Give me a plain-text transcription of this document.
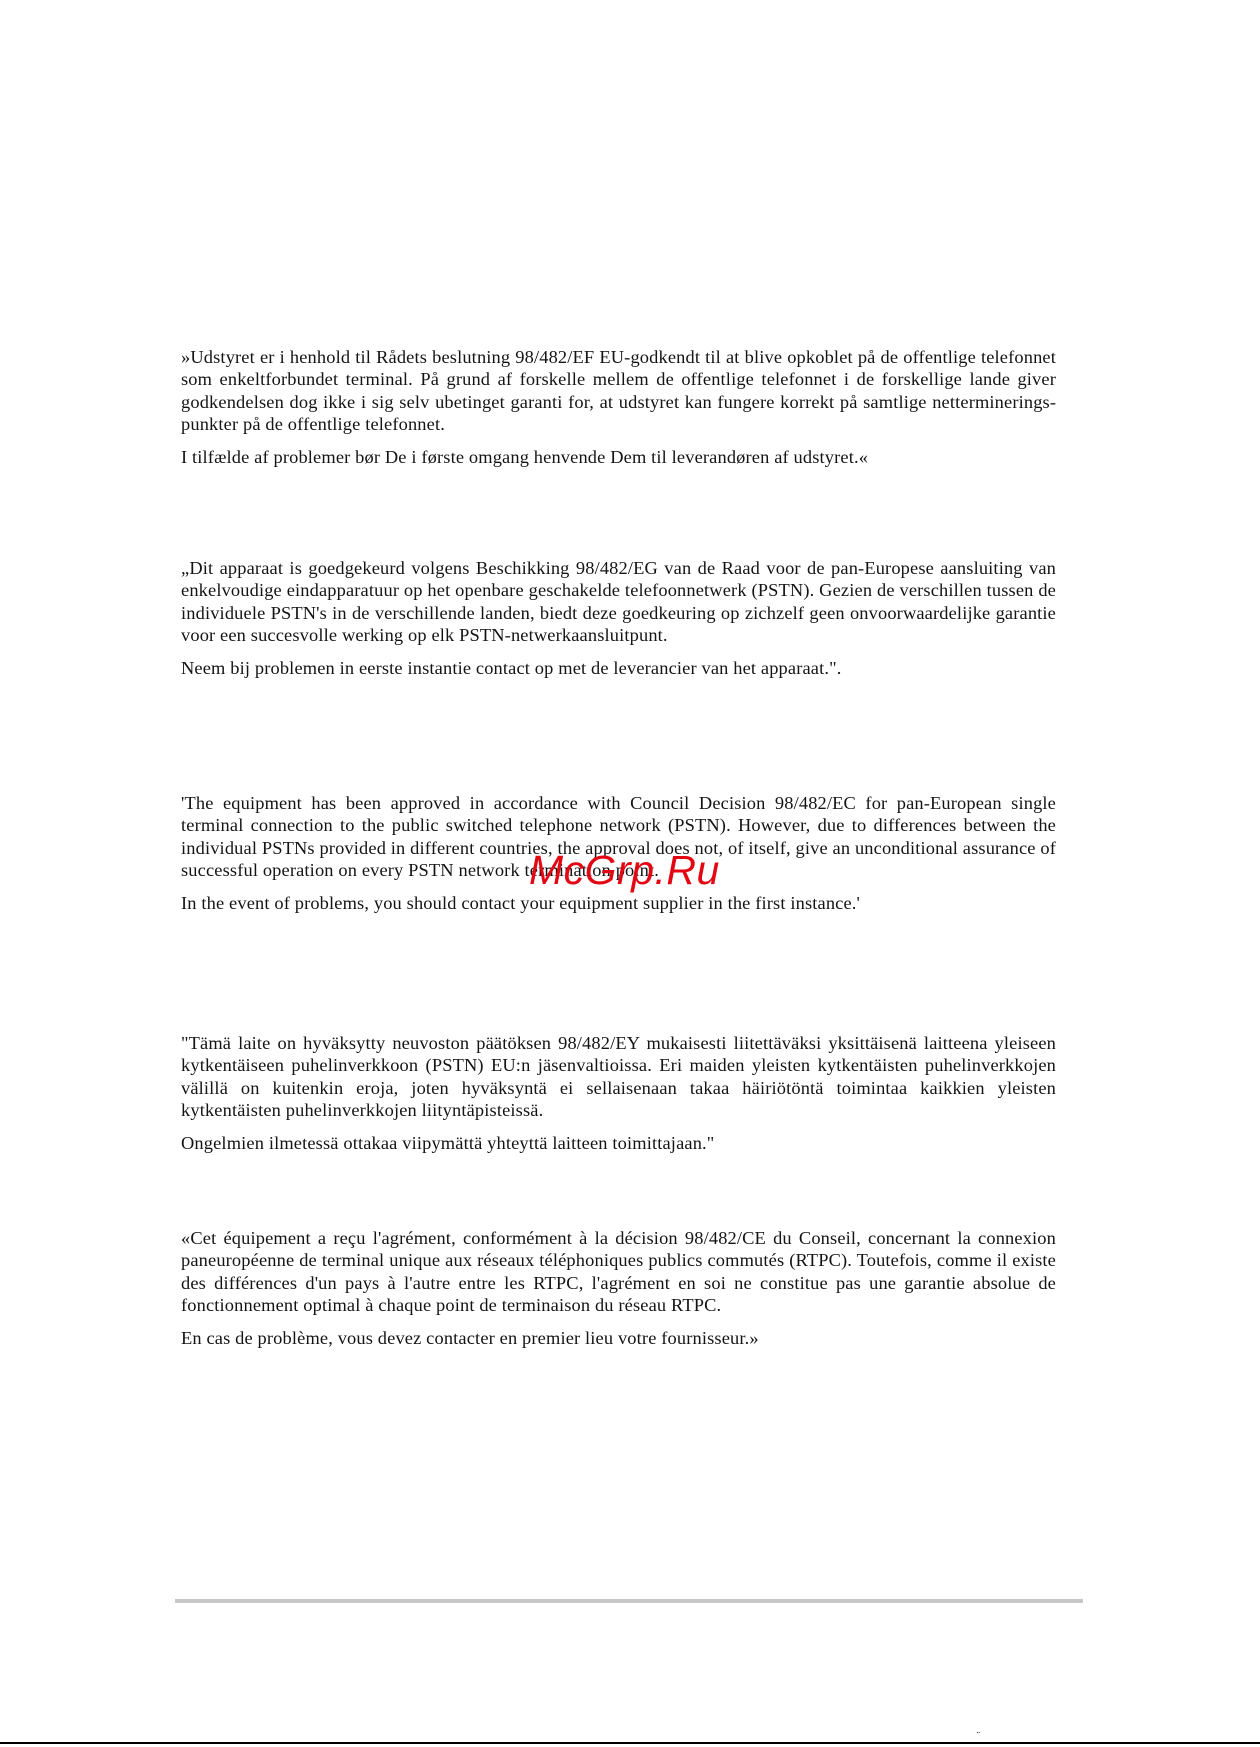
»Udstyret er i henhold til Rådets beslutning 98/482/EF EU-godkendt til at blive opkoblet på de offentlige telefonnet som enkeltforbundet terminal. På grund af forskelle mellem de offentlige telefonnet i de forskellige lande giver godkendelsen dog ikke i sig selv ubetinget garanti for, at udstyret kan fungere korrekt på samtlige nettermineringspunkter på de offentlige telefonnet.

I tilfælde af problemer bør De i første omgang henvende Dem til leverandøren af udstyret.«

„Dit apparaat is goedgekeurd volgens Beschikking 98/482/EG van de Raad voor de pan-Europese aansluiting van enkelvoudige eindapparatuur op het openbare geschakelde telefoonnetwerk (PSTN). Gezien de verschillen tussen de individuele PSTN's in de verschillende landen, biedt deze goedkeuring op zichzelf geen onvoorwaardelijke garantie voor een succesvolle werking op elk PSTN-netwerkaansluitpunt.

Neem bij problemen in eerste instantie contact op met de leverancier van het apparaat.".

'The equipment has been approved in accordance with Council Decision 98/482/EC for pan-European single terminal connection to the public switched telephone network (PSTN). However, due to differences between the individual PSTNs provided in different countries, the approval does not, of itself, give an unconditional assurance of successful operation on every PSTN network termination point.

In the event of problems, you should contact your equipment supplier in the first instance.'

"Tämä laite on hyväksytty neuvoston päätöksen 98/482/EY mukaisesti liitettäväksi yksittäisenä laitteena yleiseen kytkentäiseen puhelinverkkoon (PSTN) EU:n jäsenvaltioissa. Eri maiden yleisten kytkentäisten puhelinverkkojen välillä on kuitenkin eroja, joten hyväksyntä ei sellaisenaan takaa häiriötöntä toimintaa kaikkien yleisten kytkentäisten puhelinverkkojen liityntäpisteissä.

Ongelmien ilmetessä ottakaa viipymättä yhteyttä laitteen toimittajaan."

«Cet équipement a reçu l'agrément, conformément à la décision 98/482/CE du Conseil, concernant la connexion paneuropéenne de terminal unique aux réseaux téléphoniques publics commutés (RTPC). Toutefois, comme il existe des différences d'un pays à l'autre entre les RTPC, l'agrément en soi ne constitue pas une garantie absolue de fonctionnement optimal à chaque point de terminaison du réseau RTPC.

En cas de problème, vous devez contacter en premier lieu votre fournisseur.»

McGrp.Ru
¨
